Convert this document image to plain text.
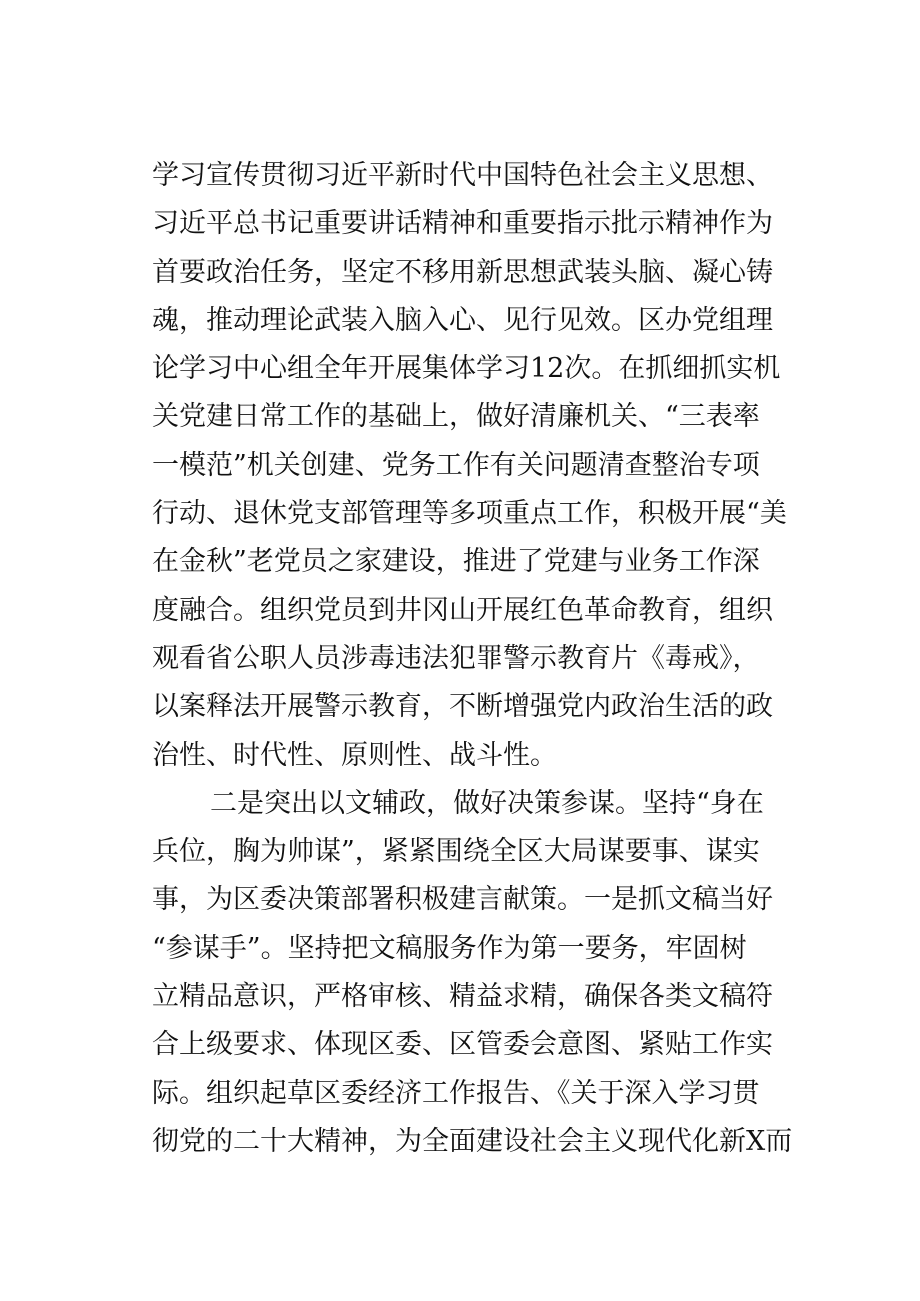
学习宣传贯彻习近平新时代中国特色社会主义思想、
习近平总书记重要讲话精神和重要指示批示精神作为
首要政治任务，坚定不移用新思想武装头脑、凝心铸
魂，推动理论武装入脑入心、见行见效。区办党组理
论学习中心组全年开展集体学习12次。在抓细抓实机
关党建日常工作的基础上，做好清廉机关、“三表率
一模范”机关创建、党务工作有关问题清查整治专项
行动、退休党支部管理等多项重点工作，积极开展“美
在金秋”老党员之家建设，推进了党建与业务工作深
度融合。组织党员到井冈山开展红色革命教育，组织
观看省公职人员涉毒违法犯罪警示教育片《毒戒》，
以案释法开展警示教育，不断增强党内政治生活的政
治性、时代性、原则性、战斗性。
二是突出以文辅政，做好决策参谋。坚持“身在
兵位，胸为帅谋”，紧紧围绕全区大局谋要事、谋实
事，为区委决策部署积极建言献策。一是抓文稿当好
“参谋手”。坚持把文稿服务作为第一要务，牢固树
立精品意识，严格审核、精益求精，确保各类文稿符
合上级要求、体现区委、区管委会意图、紧贴工作实
际。组织起草区委经济工作报告、《关于深入学习贯
彻党的二十大精神，为全面建设社会主义现代化新X而
